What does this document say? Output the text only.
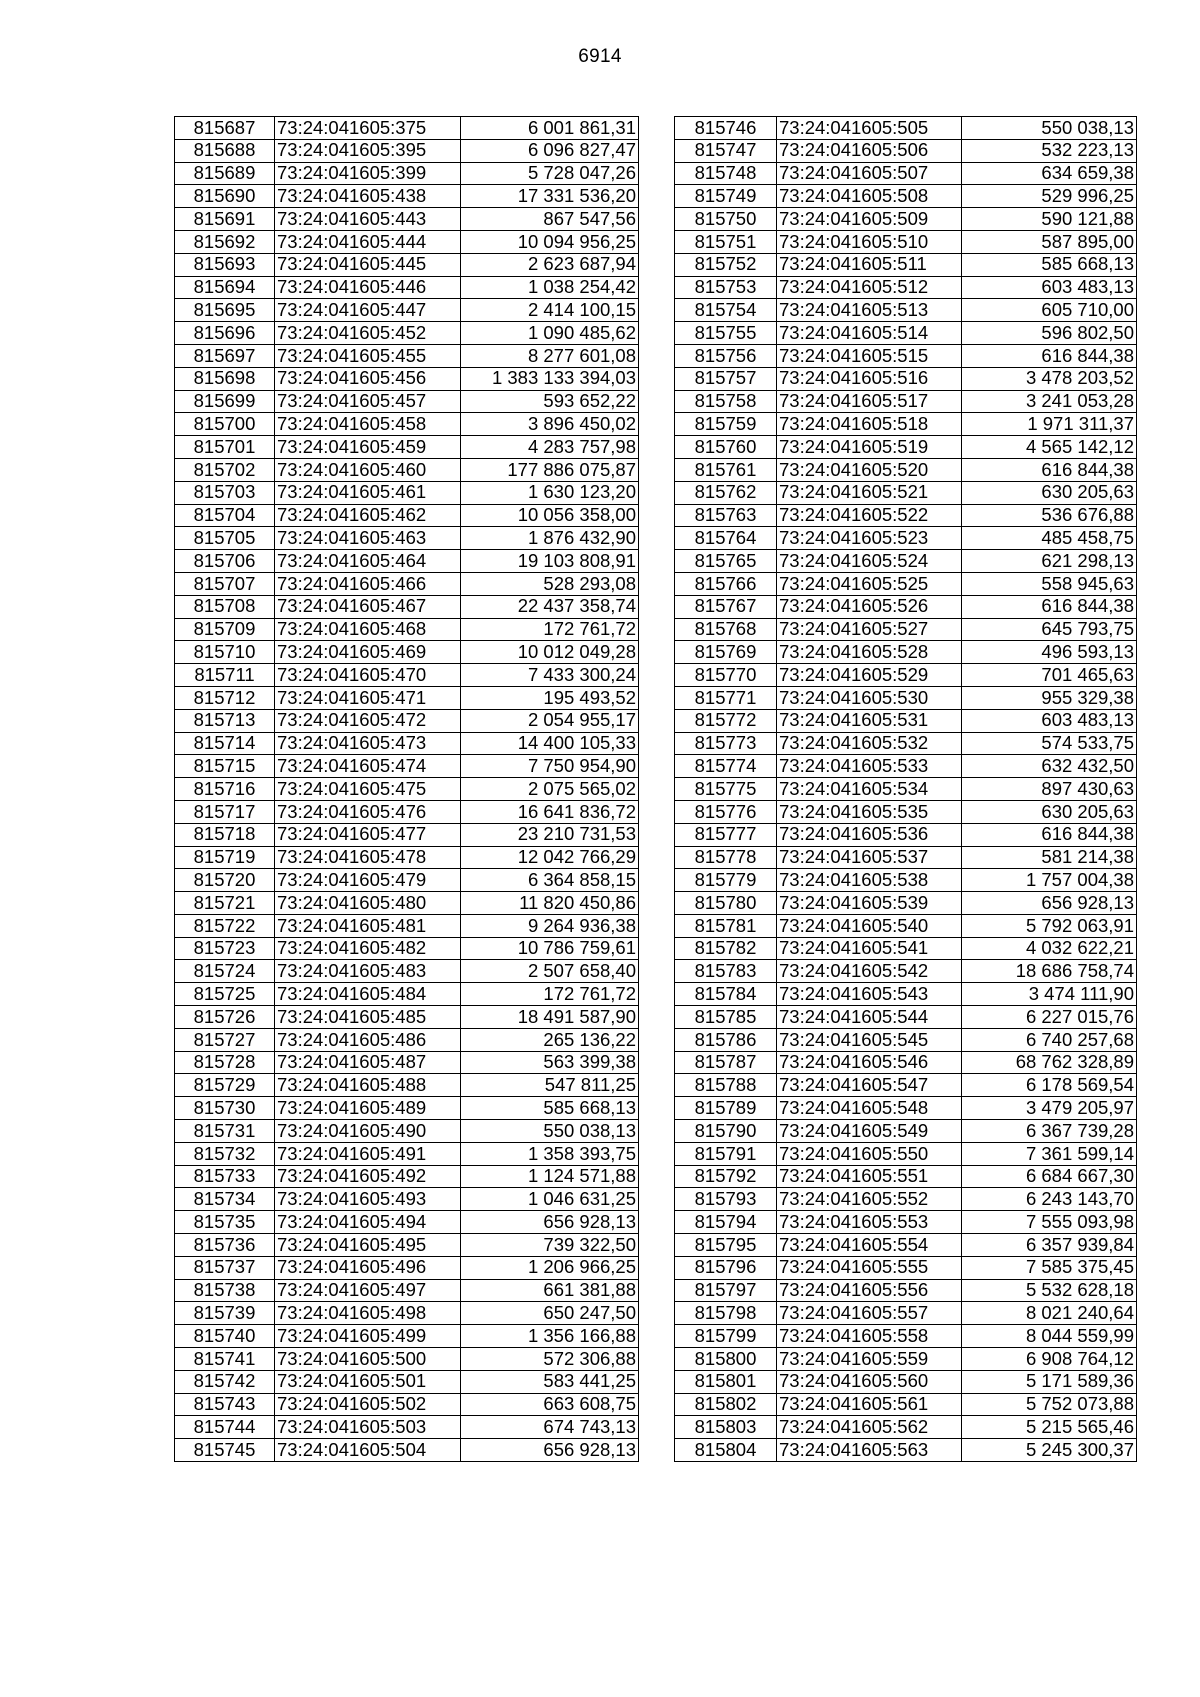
6914
815687	73:24:041605:375	6 001 861,31
815688	73:24:041605:395	6 096 827,47
815689	73:24:041605:399	5 728 047,26
815690	73:24:041605:438	17 331 536,20
815691	73:24:041605:443	867 547,56
815692	73:24:041605:444	10 094 956,25
815693	73:24:041605:445	2 623 687,94
815694	73:24:041605:446	1 038 254,42
815695	73:24:041605:447	2 414 100,15
815696	73:24:041605:452	1 090 485,62
815697	73:24:041605:455	8 277 601,08
815698	73:24:041605:456	1 383 133 394,03
815699	73:24:041605:457	593 652,22
815700	73:24:041605:458	3 896 450,02
815701	73:24:041605:459	4 283 757,98
815702	73:24:041605:460	177 886 075,87
815703	73:24:041605:461	1 630 123,20
815704	73:24:041605:462	10 056 358,00
815705	73:24:041605:463	1 876 432,90
815706	73:24:041605:464	19 103 808,91
815707	73:24:041605:466	528 293,08
815708	73:24:041605:467	22 437 358,74
815709	73:24:041605:468	172 761,72
815710	73:24:041605:469	10 012 049,28
815711	73:24:041605:470	7 433 300,24
815712	73:24:041605:471	195 493,52
815713	73:24:041605:472	2 054 955,17
815714	73:24:041605:473	14 400 105,33
815715	73:24:041605:474	7 750 954,90
815716	73:24:041605:475	2 075 565,02
815717	73:24:041605:476	16 641 836,72
815718	73:24:041605:477	23 210 731,53
815719	73:24:041605:478	12 042 766,29
815720	73:24:041605:479	6 364 858,15
815721	73:24:041605:480	11 820 450,86
815722	73:24:041605:481	9 264 936,38
815723	73:24:041605:482	10 786 759,61
815724	73:24:041605:483	2 507 658,40
815725	73:24:041605:484	172 761,72
815726	73:24:041605:485	18 491 587,90
815727	73:24:041605:486	265 136,22
815728	73:24:041605:487	563 399,38
815729	73:24:041605:488	547 811,25
815730	73:24:041605:489	585 668,13
815731	73:24:041605:490	550 038,13
815732	73:24:041605:491	1 358 393,75
815733	73:24:041605:492	1 124 571,88
815734	73:24:041605:493	1 046 631,25
815735	73:24:041605:494	656 928,13
815736	73:24:041605:495	739 322,50
815737	73:24:041605:496	1 206 966,25
815738	73:24:041605:497	661 381,88
815739	73:24:041605:498	650 247,50
815740	73:24:041605:499	1 356 166,88
815741	73:24:041605:500	572 306,88
815742	73:24:041605:501	583 441,25
815743	73:24:041605:502	663 608,75
815744	73:24:041605:503	674 743,13
815745	73:24:041605:504	656 928,13
815746	73:24:041605:505	550 038,13
815747	73:24:041605:506	532 223,13
815748	73:24:041605:507	634 659,38
815749	73:24:041605:508	529 996,25
815750	73:24:041605:509	590 121,88
815751	73:24:041605:510	587 895,00
815752	73:24:041605:511	585 668,13
815753	73:24:041605:512	603 483,13
815754	73:24:041605:513	605 710,00
815755	73:24:041605:514	596 802,50
815756	73:24:041605:515	616 844,38
815757	73:24:041605:516	3 478 203,52
815758	73:24:041605:517	3 241 053,28
815759	73:24:041605:518	1 971 311,37
815760	73:24:041605:519	4 565 142,12
815761	73:24:041605:520	616 844,38
815762	73:24:041605:521	630 205,63
815763	73:24:041605:522	536 676,88
815764	73:24:041605:523	485 458,75
815765	73:24:041605:524	621 298,13
815766	73:24:041605:525	558 945,63
815767	73:24:041605:526	616 844,38
815768	73:24:041605:527	645 793,75
815769	73:24:041605:528	496 593,13
815770	73:24:041605:529	701 465,63
815771	73:24:041605:530	955 329,38
815772	73:24:041605:531	603 483,13
815773	73:24:041605:532	574 533,75
815774	73:24:041605:533	632 432,50
815775	73:24:041605:534	897 430,63
815776	73:24:041605:535	630 205,63
815777	73:24:041605:536	616 844,38
815778	73:24:041605:537	581 214,38
815779	73:24:041605:538	1 757 004,38
815780	73:24:041605:539	656 928,13
815781	73:24:041605:540	5 792 063,91
815782	73:24:041605:541	4 032 622,21
815783	73:24:041605:542	18 686 758,74
815784	73:24:041605:543	3 474 111,90
815785	73:24:041605:544	6 227 015,76
815786	73:24:041605:545	6 740 257,68
815787	73:24:041605:546	68 762 328,89
815788	73:24:041605:547	6 178 569,54
815789	73:24:041605:548	3 479 205,97
815790	73:24:041605:549	6 367 739,28
815791	73:24:041605:550	7 361 599,14
815792	73:24:041605:551	6 684 667,30
815793	73:24:041605:552	6 243 143,70
815794	73:24:041605:553	7 555 093,98
815795	73:24:041605:554	6 357 939,84
815796	73:24:041605:555	7 585 375,45
815797	73:24:041605:556	5 532 628,18
815798	73:24:041605:557	8 021 240,64
815799	73:24:041605:558	8 044 559,99
815800	73:24:041605:559	6 908 764,12
815801	73:24:041605:560	5 171 589,36
815802	73:24:041605:561	5 752 073,88
815803	73:24:041605:562	5 215 565,46
815804	73:24:041605:563	5 245 300,37
